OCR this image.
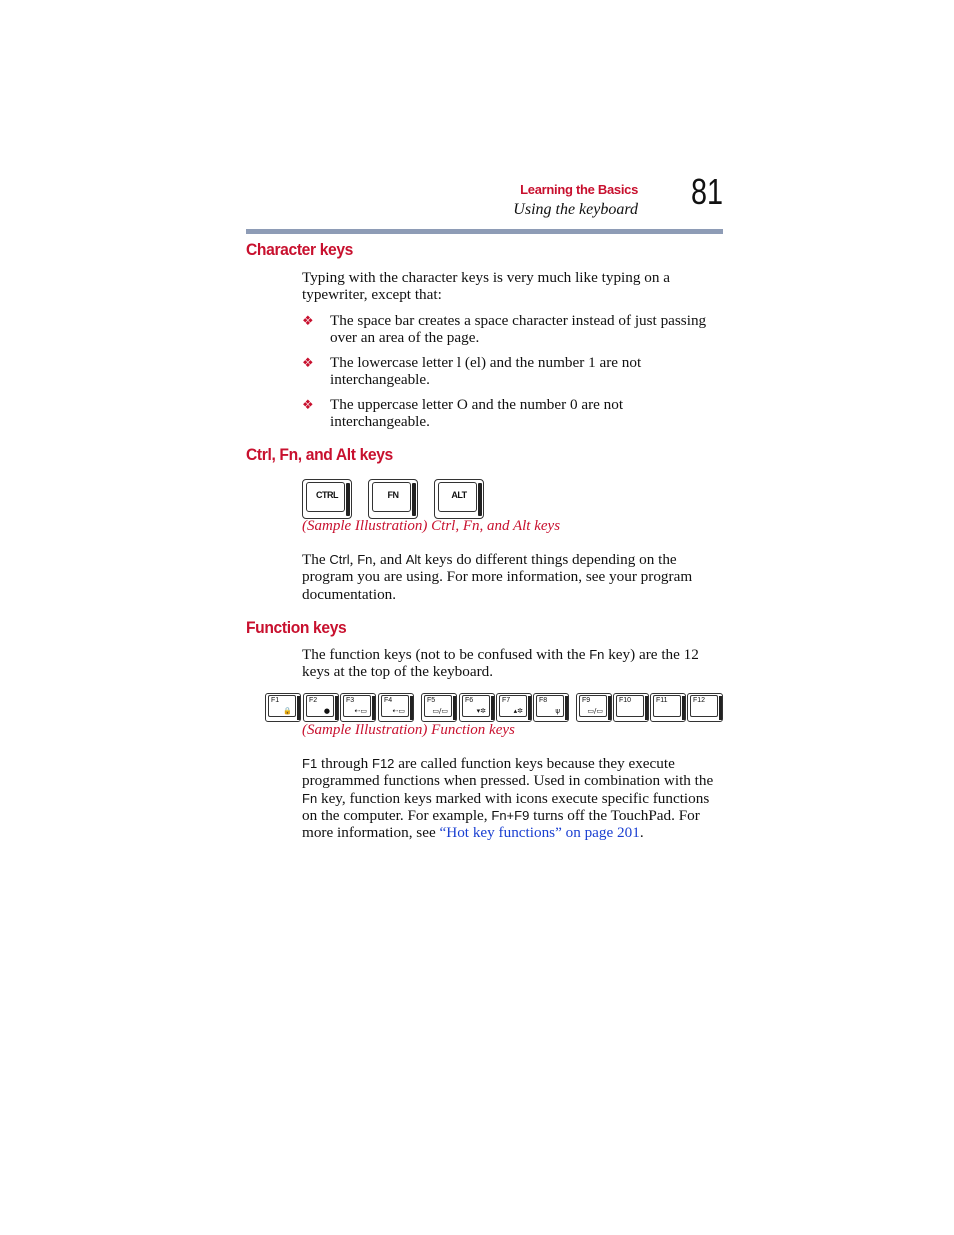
Learning the Basics
Using the keyboard 81
Character keys
Typing with the character keys is very much like typing on a typewriter, except that:
❖ The space bar creates a space character instead of just passing over an area of the page.
❖ The lowercase letter l (el) and the number 1 are not interchangeable.
❖ The uppercase letter O and the number 0 are not interchangeable.
Ctrl, Fn, and Alt keys
CTRL	FN	ALT
(Sample Illustration) Ctrl, Fn, and Alt keys
The Ctrl, Fn, and Alt keys do different things depending on the program you are using. For more information, see your program documentation.
Function keys
The function keys (not to be confused with the Fn key) are the 12 keys at the top of the keyboard.
F1
🔒
F2
●
F3
⇠▭
F4
⇠▭
F5
▭/▭
F6
▾✲
F7
▴✲
F8
ψ
F9
▭/▭
F10	F11	F12
(Sample Illustration) Function keys
F1 through F12 are called function keys because they execute programmed functions when pressed. Used in combination with the Fn key, function keys marked with icons execute specific functions on the computer. For example, Fn+F9 turns off the TouchPad. For more information, see “Hot key functions” on page 201.
